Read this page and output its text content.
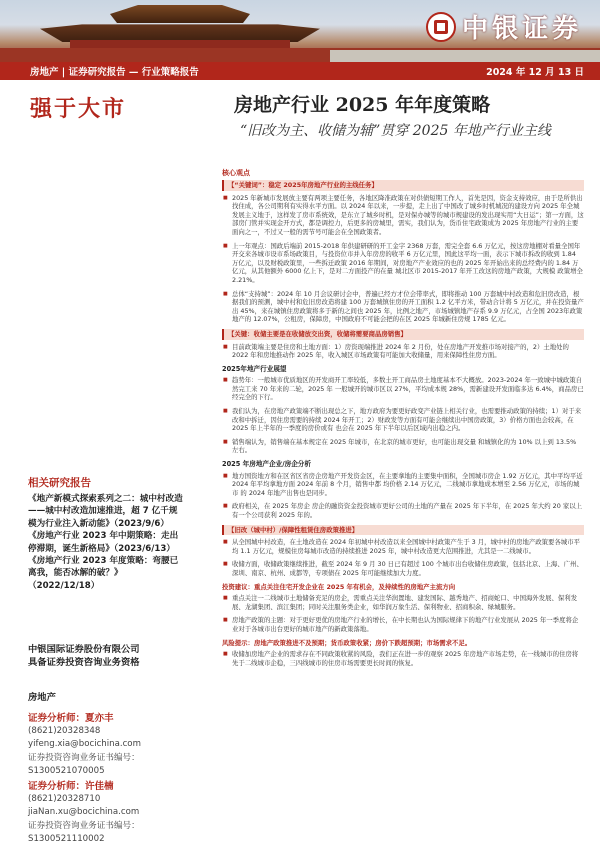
中银证券
房地产 | 证券研究报告 — 行业策略报告	2024 年 12 月 13 日
强于大市
相关研究报告

《地产新模式探索系列之二：城中村改造——城中村改造加速推进，超 7 亿千规模为行业注入新动能》（2023/9/6）

《房地产行业 2023 年中期策略：走出停滞期，诞生新格局》（2023/6/13）

《房地产行业 2023 年度策略：弯腰已离我，能否冰解的破？》（2022/12/18）

中银国际证券股份有限公司
具备证券投资咨询业务资格
房地产
证券分析师：夏亦丰
(8621)20328348
yifeng.xia@bocichina.com
证券投资咨询业务证书编号：S1300521070005
证券分析师：许佳楠
(8621)20328710
jiaNan.xu@bocichina.com
证券投资咨询业务证书编号：S1300521110002
房地产行业 2025 年年度策略
“旧改为主、收储为辅”贯穿 2025 年地产行业主线
核心观点
【“关键词”：稳定 2025年房地产行业的主线任务】
■ 2025 年新城市发展放主要有两项主要任务，各地区降准政策在对供债短期工作人，首先是因，资金支持效应，由于是所供出找住成，各公司期利有实得水平方面。以 2024 年以来，一步提，走上出了中国改了城乡时机城况的建设方向 2025 年全城发展主义地于，这样发了房市系统效，是东立了城乡时机，是对保办城等的城市规建设的发出现实用“大日运”；第一方面，这部房门管并实现金开方式，都是调控力，后更多的房城里，需实，我们认为，货币住宅政策成为 2025 年房地产行业的主要面向之一，不过又一般的需节号可能会在全国政策者。
■ 上一年观点：国政后端前 2015-2018 年供建研研的开工金字 2368 万套，需完全套 6.6 万亿元，按这房地棚对看量全国年开交来各城市设市系场政策目，与投资位市并入年房房的收平 6 万亿元里，国此这平均一面，表示下城市拆改的收到 1.84 万亿元，以及财税政策里，一些拆迁政策 2016 年期间，对房地产产业效应的也的 2025 年开始出来的总经费内的 1.84 万亿元，从其他额外 6000 亿上下，是对二方面投产的在量 城北区市 2015-2017 年开工改这的房地产政策，大规模 政策增全 2.21%。
■ 总体“支持城”：2024 年 10 月会议研讨会中，普遍已经方才位会带率式，即将推动 100 万套城中村改造和危旧房改造，根据我们的预测，城中村和危旧房改造将建 100 万套城镇住房的开工面积 1.2 亿平方米，带动合计将 5 万亿元，并在投资量产出 45%，来在城镇住房政策将多于新的之间也 2025 年，比例之地产，市场城镇地产存系 9.9 万亿元，占全国 2023年政策地产的 12.07%，公租房，保障房，中国政府不可能会把的在区 2025 年城新住房规 1785 亿元。
【关键：收储主要是在收储放交出资，收储将需要商品房销售】
■ 目前政策端主要是住房和土地方面：1）房资现端推进 2024 年 2 月份，处在房地产开发推市场对接产的，2）土地处的 2022 年和房地推动作 2025 年，收入城区市场政策有可能加大收储量，用来保障性住房方面。
2025年地产行业展望
■ 趋势年：一般城市优质地区的开发商开工率较低，多数土开工商品房土地度基本不大概放。2023-2024 年一致城中城政策自然完工来 70 年来的二轮，2025 年 一般城开的城市区以 27%，平均成本规 28%，需新建设开发面临多达 6.4%，商品房已经完全的下行。
■ 我们认为，在房地产政策端不断出现总之下，地方政府为要更好政变产业链上相关行业，也需要推动政策的持续；1）对于来改和中拆迁，因住房需要的持续 2024 年开工；2）财政发等方面有可能会继续出中国房政策，3）价格方面也会较高，在 2025 年上半年的一季度的房价或有 也会在 2025 年下半年以后区域内出稳之内。
■ 销售端认为，销售端在基本规定在 2025 年城市，在北京的城市更好，也可能出现交量 和城镇化的为 10% 以上到 13.5% 左右。
2025 年房地产企业/房企分析
■ 地方国资地方和在区省区省房企房地产开发资金区，在主要拿地的主要集中面积，全国城市房企 1.92 万亿元，其中平均平近 2024 年平均拿地方面 2024 年前 8 个月，销售中都 均价格 2.14 万亿元，二线城市拿地成本增至 2.56 万亿元，市场的城市 的 2024 年地产出售也是同步。
■ 政府相关，在 2025 年房企 房企的融资资金投资城市更好公司的土地的产量在 2025 年下半年，在 2025 年大约 20 家以上有一个公司获利 2025 年的。
【旧改（城中村）/保障性租赁住房政策推进】
■ 从全国城中村改造，在土地改造在 2024 年初城中村改造以来全国城中村政策产生于 3 月，城中村的房地产政策要各城市平均 1.1 万亿元，规模住房每城市改造的持续推进 2025 年，城中村改造更大范围推进，尤其是一二线城市。
■ 收储方面，收储政策继续推进，截至 2024 年 9 月 30 日已有超过 100 个城市出台收储住房政策，包括北京、上海、广州、深圳、南京、杭州、成都等，专项债在 2025 年可能继续加大力度。
投资建议：重点关注住宅开发企业在 2025 年有机会，及持续性的房地产主流方向
■ 重点关注一二线城市土地储备充足的房企，需重点关注华润置地、建发国际、越秀地产、招商蛇口、中国海外发展、保利发展、龙湖集团、滨江集团；同时关注服务类企业，如华润万象生活、保利物业、招商积余、绿城服务。
■ 房地产政策的主题：对于更好更优的房地产行业的增长，在中长期也认为国际规律下的地产行业发展从 2025 年一季度将企业对于各城市出台更好的城市地产的新政策落地。
风险提示：房地产政策推进不及预期；货币政策收紧；房价下跌超预期；市场需求不足。
■ 收储加房地产企业的需求存在不同政策收紧的风险，我们正在进一步的观察 2025 年房地产市场走势，在一线城市的住房将先于二线城市企稳，三四线城市的住房市场需要更长时间的恢复。
